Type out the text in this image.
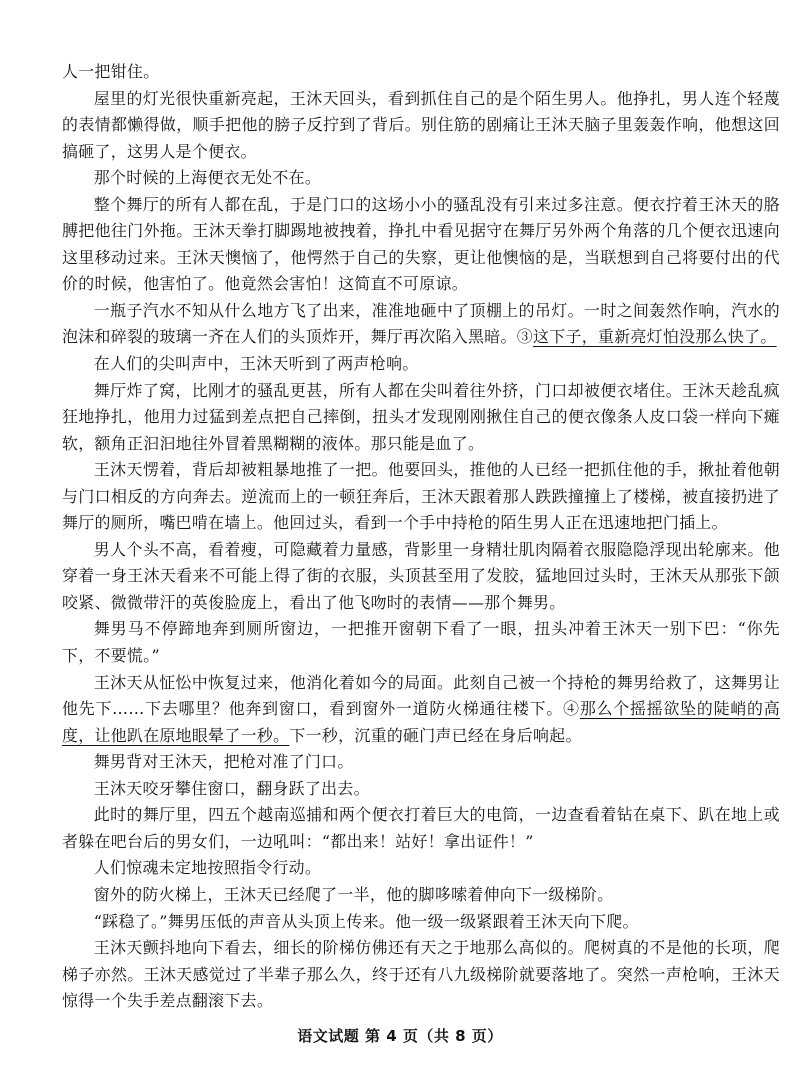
人一把钳住。

屋里的灯光很快重新亮起，王沐天回头，看到抓住自己的是个陌生男人。他挣扎，男人连个轻蔑的表情都懒得做，顺手把他的膀子反拧到了背后。别住筋的剧痛让王沐天脑子里轰轰作响，他想这回搞砸了，这男人是个便衣。

那个时候的上海便衣无处不在。

整个舞厅的所有人都在乱，于是门口的这场小小的骚乱没有引来过多注意。便衣拧着王沐天的胳膊把他往门外拖。王沐天拳打脚踢地被拽着，挣扎中看见据守在舞厅另外两个角落的几个便衣迅速向这里移动过来。王沐天懊恼了，他愕然于自己的失察，更让他懊恼的是，当联想到自己将要付出的代价的时候，他害怕了。他竟然会害怕！这简直不可原谅。

一瓶子汽水不知从什么地方飞了出来，准准地砸中了顶棚上的吊灯。一时之间轰然作响，汽水的泡沫和碎裂的玻璃一齐在人们的头顶炸开，舞厅再次陷入黑暗。③这下子，重新亮灯怕没那么快了。

在人们的尖叫声中，王沐天听到了两声枪响。

舞厅炸了窝，比刚才的骚乱更甚，所有人都在尖叫着往外挤，门口却被便衣堵住。王沐天趁乱疯狂地挣扎，他用力过猛到差点把自己摔倒，扭头才发现刚刚揪住自己的便衣像条人皮口袋一样向下瘫软，额角正汩汩地往外冒着黑糊糊的液体。那只能是血了。

王沐天愣着，背后却被粗暴地推了一把。他要回头，推他的人已经一把抓住他的手，揪扯着他朝与门口相反的方向奔去。逆流而上的一顿狂奔后，王沐天跟着那人跌跌撞撞上了楼梯，被直接扔进了舞厅的厕所，嘴巴啃在墙上。他回过头，看到一个手中持枪的陌生男人正在迅速地把门插上。

男人个头不高，看着瘦，可隐藏着力量感，背影里一身精壮肌肉隔着衣服隐隐浮现出轮廓来。他穿着一身王沐天看来不可能上得了街的衣服，头顶甚至用了发胶，猛地回过头时，王沐天从那张下颌咬紧、微微带汗的英俊脸庞上，看出了他飞吻时的表情——那个舞男。

舞男马不停蹄地奔到厕所窗边，一把推开窗朝下看了一眼，扭头冲着王沐天一别下巴：“你先下，不要慌。”

王沐天从怔忪中恢复过来，他消化着如今的局面。此刻自己被一个持枪的舞男给救了，这舞男让他先下……下去哪里？他奔到窗口，看到窗外一道防火梯通往楼下。④那么个摇摇欲坠的陡峭的高度，让他趴在原地眼晕了一秒。下一秒，沉重的砸门声已经在身后响起。

舞男背对王沐天，把枪对准了门口。

王沐天咬牙攀住窗口，翻身跃了出去。

此时的舞厅里，四五个越南巡捕和两个便衣打着巨大的电筒，一边查看着钻在桌下、趴在地上或者躲在吧台后的男女们，一边吼叫：“都出来！站好！拿出证件！”

人们惊魂未定地按照指令行动。

窗外的防火梯上，王沐天已经爬了一半，他的脚哆嗦着伸向下一级梯阶。

“踩稳了。”舞男压低的声音从头顶上传来。他一级一级紧跟着王沐天向下爬。

王沐天颤抖地向下看去，细长的阶梯仿佛还有天之于地那么高似的。爬树真的不是他的长项，爬梯子亦然。王沐天感觉过了半辈子那么久，终于还有八九级梯阶就要落地了。突然一声枪响，王沐天惊得一个失手差点翻滚下去。

语文试题 第 4 页（共 8 页）
